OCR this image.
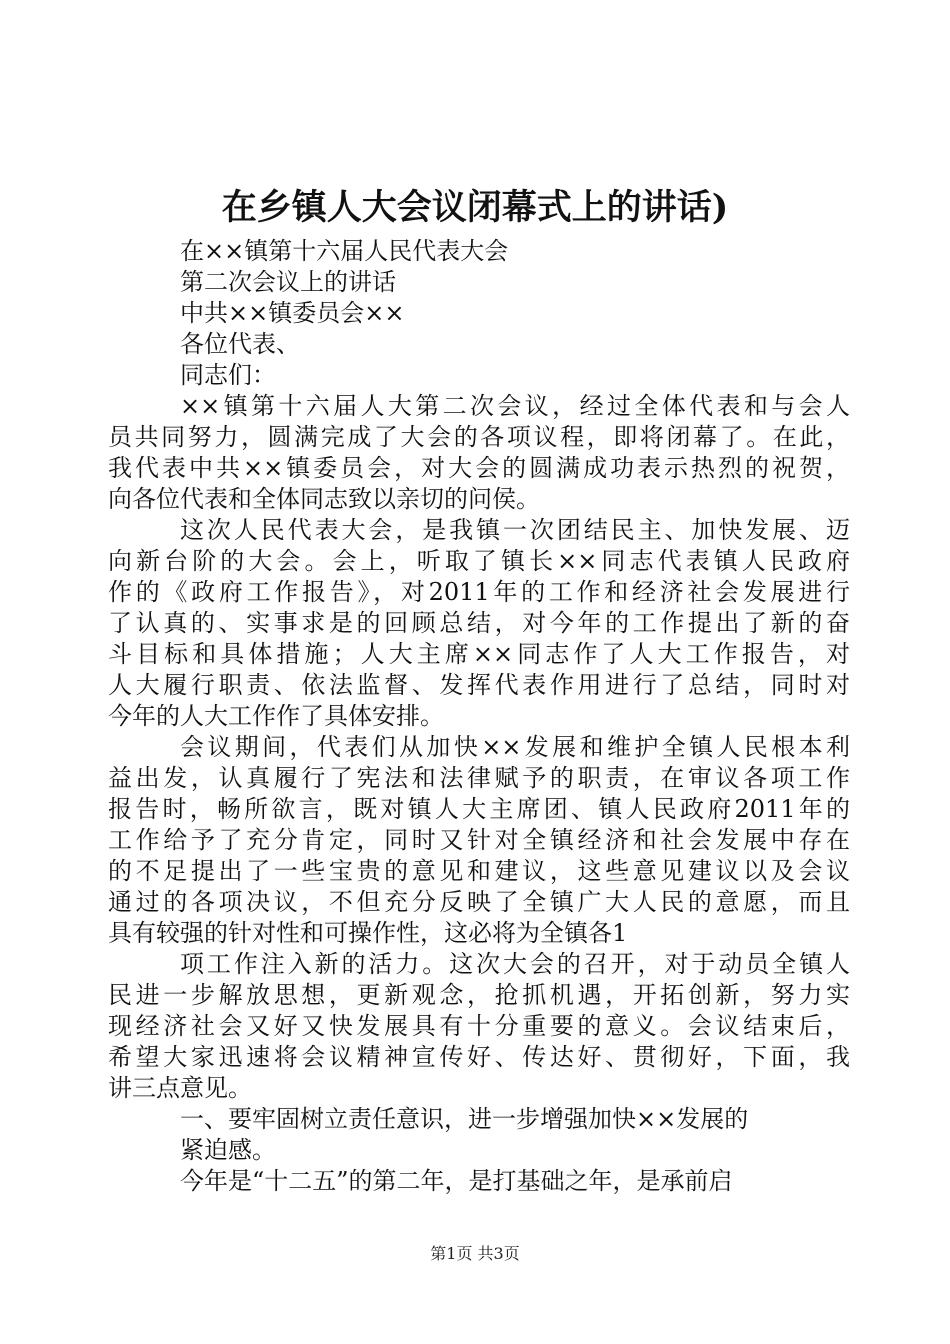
在乡镇人大会议闭幕式上的讲话)
在××镇第十六届人民代表大会
第二次会议上的讲话
中共××镇委员会××
各位代表、
同志们：
××镇第十六届人大第二次会议，经过全体代表和与会人
员共同努力，圆满完成了大会的各项议程，即将闭幕了。在此，
我代表中共××镇委员会，对大会的圆满成功表示热烈的祝贺，
向各位代表和全体同志致以亲切的问侯。
这次人民代表大会，是我镇一次团结民主、加快发展、迈
向新台阶的大会。会上，听取了镇长××同志代表镇人民政府
作的《政府工作报告》，对2011年的工作和经济社会发展进行
了认真的、实事求是的回顾总结，对今年的工作提出了新的奋
斗目标和具体措施；人大主席××同志作了人大工作报告，对
人大履行职责、依法监督、发挥代表作用进行了总结，同时对
今年的人大工作作了具体安排。
会议期间，代表们从加快××发展和维护全镇人民根本利
益出发，认真履行了宪法和法律赋予的职责，在审议各项工作
报告时，畅所欲言，既对镇人大主席团、镇人民政府2011年的
工作给予了充分肯定，同时又针对全镇经济和社会发展中存在
的不足提出了一些宝贵的意见和建议，这些意见建议以及会议
通过的各项决议，不但充分反映了全镇广大人民的意愿，而且
具有较强的针对性和可操作性，这必将为全镇各1
项工作注入新的活力。这次大会的召开，对于动员全镇人
民进一步解放思想，更新观念，抢抓机遇，开拓创新，努力实
现经济社会又好又快发展具有十分重要的意义。会议结束后，
希望大家迅速将会议精神宣传好、传达好、贯彻好，下面，我
讲三点意见。
一、要牢固树立责任意识，进一步增强加快××发展的
紧迫感。
今年是“十二五”的第二年，是打基础之年，是承前启
第1页 共3页
